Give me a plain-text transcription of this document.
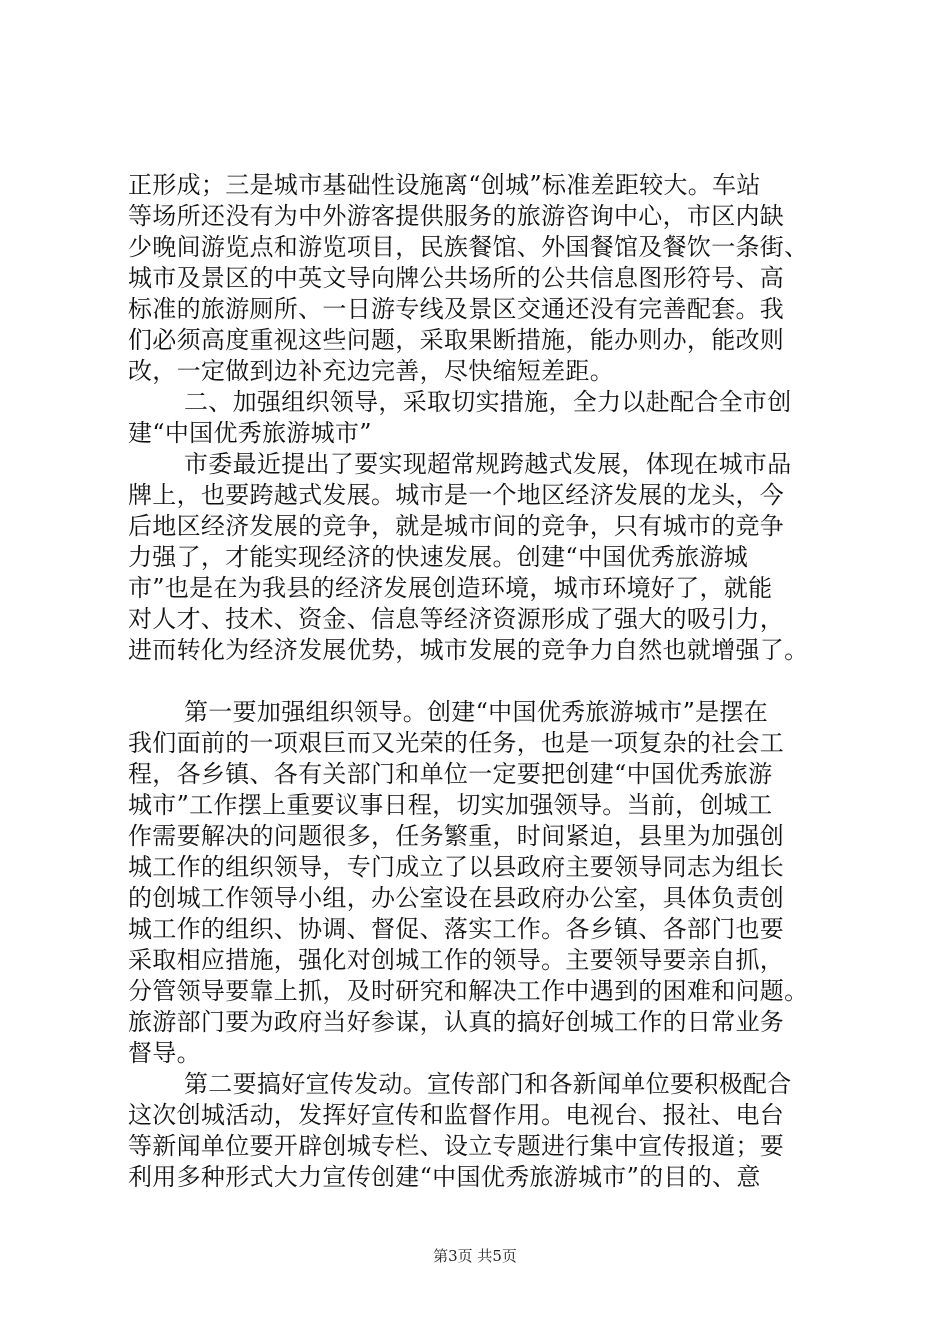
正形成；三是城市基础性设施离“创城”标准差距较大。车站
等场所还没有为中外游客提供服务的旅游咨询中心，市区内缺
少晚间游览点和游览项目，民族餐馆、外国餐馆及餐饮一条街、
城市及景区的中英文导向牌公共场所的公共信息图形符号、高
标准的旅游厕所、一日游专线及景区交通还没有完善配套。我
们必须高度重视这些问题，采取果断措施，能办则办，能改则
改，一定做到边补充边完善，尽快缩短差距。
二、加强组织领导，采取切实措施，全力以赴配合全市创
建“中国优秀旅游城市”
市委最近提出了要实现超常规跨越式发展，体现在城市品
牌上，也要跨越式发展。城市是一个地区经济发展的龙头，今
后地区经济发展的竞争，就是城市间的竞争，只有城市的竞争
力强了，才能实现经济的快速发展。创建“中国优秀旅游城
市”也是在为我县的经济发展创造环境，城市环境好了，就能
对人才、技术、资金、信息等经济资源形成了强大的吸引力，
进而转化为经济发展优势，城市发展的竞争力自然也就增强了。
第一要加强组织领导。创建“中国优秀旅游城市”是摆在
我们面前的一项艰巨而又光荣的任务，也是一项复杂的社会工
程，各乡镇、各有关部门和单位一定要把创建“中国优秀旅游
城市”工作摆上重要议事日程，切实加强领导。当前，创城工
作需要解决的问题很多，任务繁重，时间紧迫，县里为加强创
城工作的组织领导，专门成立了以县政府主要领导同志为组长
的创城工作领导小组，办公室设在县政府办公室，具体负责创
城工作的组织、协调、督促、落实工作。各乡镇、各部门也要
采取相应措施，强化对创城工作的领导。主要领导要亲自抓，
分管领导要靠上抓，及时研究和解决工作中遇到的困难和问题。
旅游部门要为政府当好参谋，认真的搞好创城工作的日常业务
督导。
第二要搞好宣传发动。宣传部门和各新闻单位要积极配合
这次创城活动，发挥好宣传和监督作用。电视台、报社、电台
等新闻单位要开辟创城专栏、设立专题进行集中宣传报道；要
利用多种形式大力宣传创建“中国优秀旅游城市”的目的、意
第3页 共5页
